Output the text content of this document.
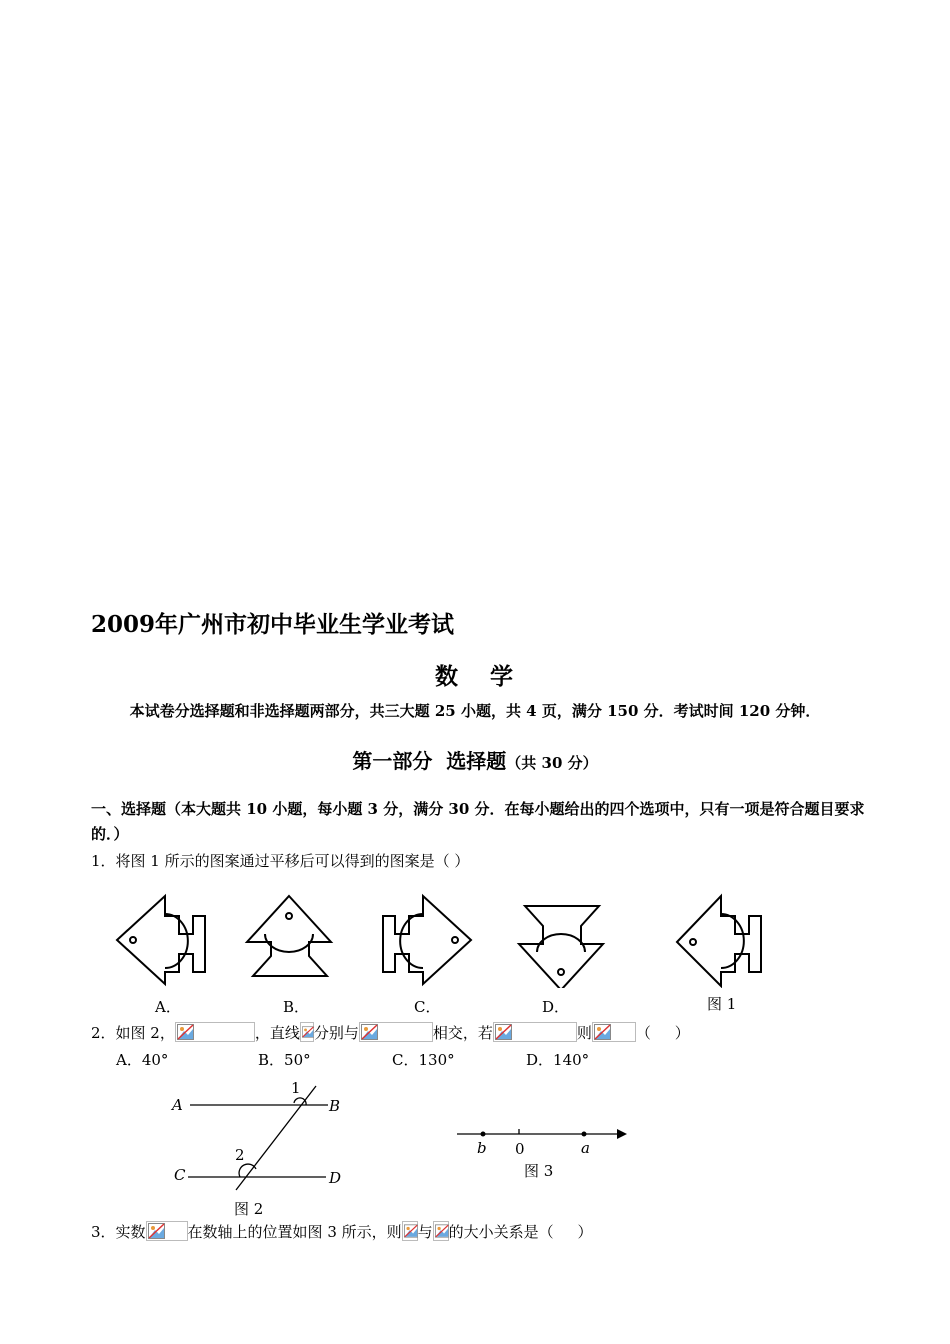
2009年广州市初中毕业生学业考试
数   学
本试卷分选择题和非选择题两部分，共三大题 25 小题，共 4 页，满分 150 分．考试时间 120 分钟．
第一部分  选择题（共 30 分）
一、选择题（本大题共 10 小题，每小题 3 分，满分 30 分．在每小题给出的四个选项中，只有一项是符合题目要求的．）
1．将图 1 所示的图案通过平移后可以得到的图案是（ ）
A．	B．	C．	D．	图 1
2．如图 2，	，直线 分别与	相交，若	则	（     ）
A．40°	B．50°	C．130°	D．140°
A	B
1
2
C	D
图 2
b 0	a
图 3
3．实数	在数轴上的位置如图 3 所示，则 与 的大小关系是（     ）
